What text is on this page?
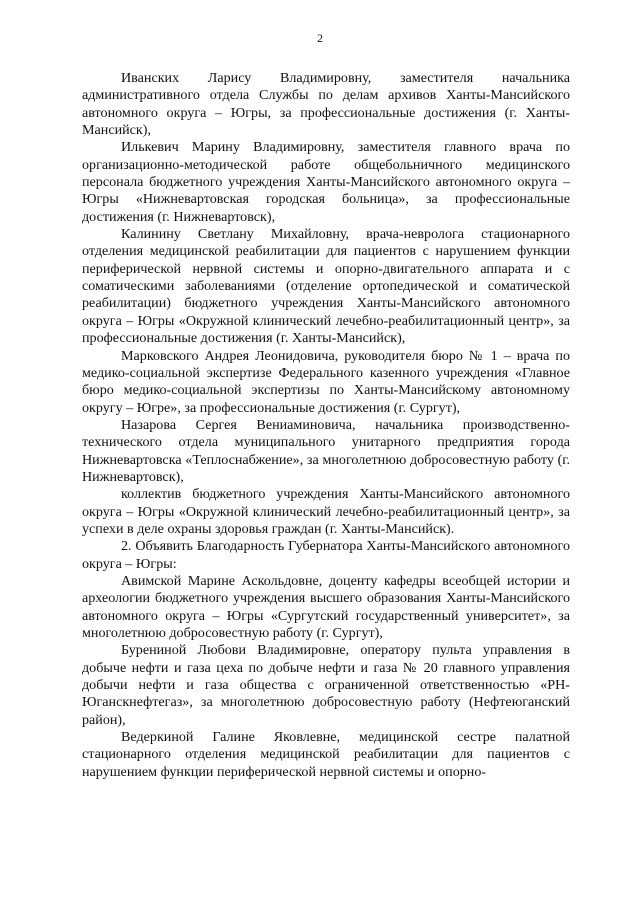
2

Иванских Ларису Владимировну, заместителя начальника административного отдела Службы по делам архивов Ханты-Мансийского автономного округа – Югры, за профессиональные достижения (г. Ханты-Мансийск),

Илькевич Марину Владимировну, заместителя главного врача по организационно-методической работе общебольничного медицинского персонала бюджетного учреждения Ханты-Мансийского автономного округа – Югры «Нижневартовская городская больница», за профессиональные достижения (г. Нижневартовск),

Калинину Светлану Михайловну, врача-невролога стационарного отделения медицинской реабилитации для пациентов с нарушением функции периферической нервной системы и опорно-двигательного аппарата и с соматическими заболеваниями (отделение ортопедической и соматической реабилитации) бюджетного учреждения Ханты-Мансийского автономного округа – Югры «Окружной клинический лечебно-реабилитационный центр», за профессиональные достижения (г. Ханты-Мансийск),

Марковского Андрея Леонидовича, руководителя бюро № 1 – врача по медико-социальной экспертизе Федерального казенного учреждения «Главное бюро медико-социальной экспертизы по Ханты-Мансийскому автономному округу – Югре», за профессиональные достижения (г. Сургут),

Назарова Сергея Вениаминовича, начальника производственно-технического отдела муниципального унитарного предприятия города Нижневартовска «Теплоснабжение», за многолетнюю добросовестную работу (г. Нижневартовск),

коллектив бюджетного учреждения Ханты-Мансийского автономного округа – Югры «Окружной клинический лечебно-реабилитационный центр», за успехи в деле охраны здоровья граждан (г. Ханты-Мансийск).

2. Объявить Благодарность Губернатора Ханты-Мансийского автономного округа – Югры:

Авимской Марине Аскольдовне, доценту кафедры всеобщей истории и археологии бюджетного учреждения высшего образования Ханты-Мансийского автономного округа – Югры «Сургутский государственный университет», за многолетнюю добросовестную работу (г. Сургут),

Бурениной Любови Владимировне, оператору пульта управления в добыче нефти и газа цеха по добыче нефти и газа № 20 главного управления добычи нефти и газа общества с ограниченной ответственностью «РН-Юганскнефтегаз», за многолетнюю добросовестную работу (Нефтеюганский район),

Ведеркиной Галине Яковлевне, медицинской сестре палатной стационарного отделения медицинской реабилитации для пациентов с нарушением функции периферической нервной системы и опорно-
